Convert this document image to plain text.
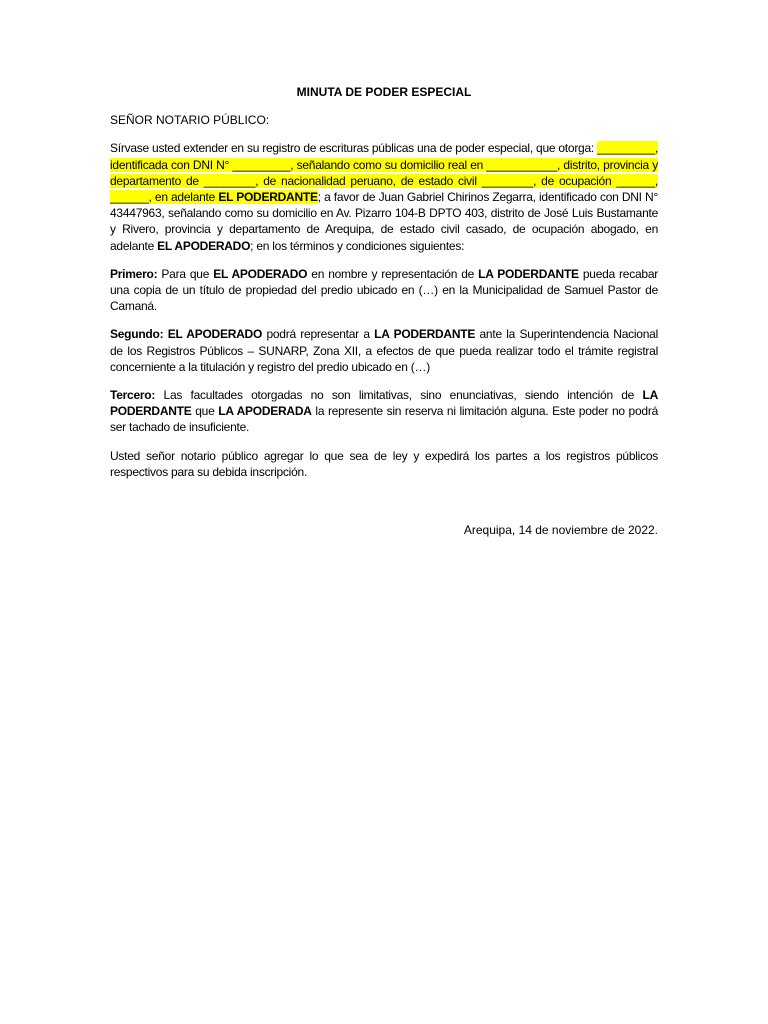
MINUTA DE PODER ESPECIAL
SEÑOR NOTARIO PÚBLICO:

Sírvase usted extender en su registro de escrituras públicas una de poder especial, que otorga: _________, identificada con DNI N° _________, señalando como su domicilio real en ___________, distrito, provincia y departamento de ________, de nacionalidad peruano, de estado civil ________, de ocupación ______, ______, en adelante EL PODERDANTE; a favor de Juan Gabriel Chirinos Zegarra, identificado con DNI N° 43447963, señalando como su domicilio en Av. Pizarro 104-B DPTO 403, distrito de José Luis Bustamante y Rivero, provincia y departamento de Arequipa, de estado civil casado, de ocupación abogado, en adelante EL APODERADO; en los términos y condiciones siguientes:

Primero: Para que EL APODERADO en nombre y representación de LA PODERDANTE pueda recabar una copia de un título de propiedad del predio ubicado en (…) en la Municipalidad de Samuel Pastor de Camaná.

Segundo: EL APODERADO podrá representar a LA PODERDANTE ante la Superintendencia Nacional de los Registros Públicos – SUNARP, Zona XII, a efectos de que pueda realizar todo el trámite registral concerniente a la titulación y registro del predio ubicado en (…)

Tercero: Las facultades otorgadas no son limitativas, sino enunciativas, siendo intención de LA PODERDANTE que LA APODERADA la represente sin reserva ni limitación alguna. Este poder no podrá ser tachado de insuficiente.

Usted señor notario público agregar lo que sea de ley y expedirá los partes a los registros públicos respectivos para su debida inscripción.

Arequipa, 14 de noviembre de 2022.
